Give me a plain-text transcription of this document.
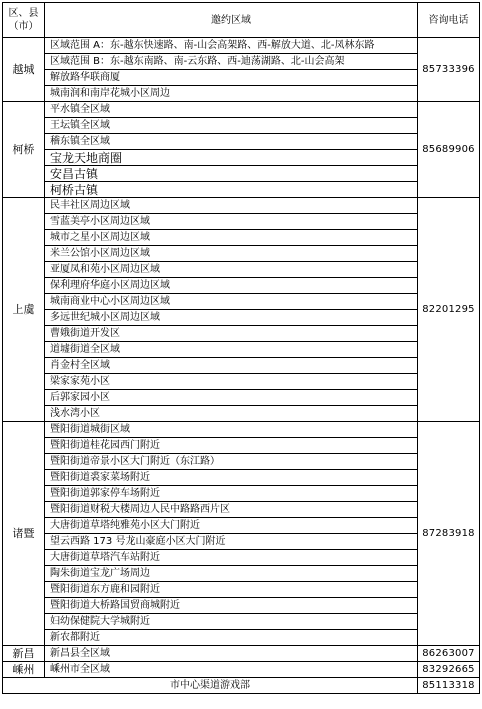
区、县
（市）	邀约区域	咨询电话
越城	区域范围 A：东-越东快速路、南-山会高架路、西-解放大道、北-凤林东路	85733396
	区域范围 B：东-越东南路、南-云东路、西-迪荡湖路、北-山会高架	
	解放路华联商厦	
	城南润和南岸花城小区周边	
柯桥	平水镇全区域	85689906
	王坛镇全区域	
	稽东镇全区域	
	宝龙天地商圈	
	安昌古镇	
	柯桥古镇	
上虞	民丰社区周边区域	82201295
	雪蓝美亭小区周边区域	
	城市之星小区周边区域	
	米兰公馆小区周边区域	
	亚厦凤和苑小区周边区域	
	保利理府华庭小区周边区域	
	城南商业中心小区周边区域	
	多远世纪城小区周边区域	
	曹娥街道开发区	
	道墟街道全区域	
	肖金村全区域	
	梁家家苑小区	
	后郭家园小区	
	浅水湾小区	
诸暨	暨阳街道城街区域	87283918
	暨阳街道桂花园西门附近	
	暨阳街道帝景小区大门附近（东江路）	
	暨阳街道裘家菜场附近	
	暨阳街道郭家停车场附近	
	暨阳街道财税大楼周边人民中路路西片区	
	大唐街道草塔纯雅苑小区大门附近	
	望云西路 173 号龙山豪庭小区大门附近	
	大唐街道草塔汽车站附近	
	陶朱街道宝龙广场周边	
	暨阳街道东方鹿和园附近	
	暨阳街道大桥路国贸商城附近	
	妇幼保健院大学城附近	
	新农都附近	
新昌	新昌县全区域	86263007
嵊州	嵊州市全区域	83292665
市中心渠道游戏部		85113318
